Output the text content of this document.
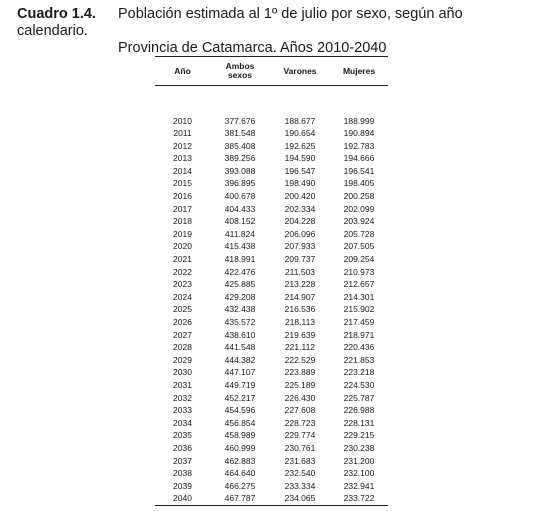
Cuadro 1.4. Población estimada al 1º de julio por sexo, según año calendario.
Provincia de Catamarca. Años 2010-2040
Año	Ambos sexos	Varones	Mujeres

2010	377.676	188.677	188.999
2011	381.548	190.654	190.894
2012	385.408	192.625	192.783
2013	389.256	194.590	194.666
2014	393.088	196.547	196.541
2015	396.895	198.490	198.405
2016	400.678	200.420	200.258
2017	404.433	202.334	202.099
2018	408.152	204.228	203.924
2019	411.824	206.096	205.728
2020	415.438	207.933	207.505
2021	418.991	209.737	209.254
2022	422.476	211.503	210.973
2023	425.885	213.228	212.657
2024	429.208	214.907	214.301
2025	432.438	216.536	215.902
2026	435.572	218.113	217.459
2027	438.610	219.639	218.971
2028	441.548	221.112	220.436
2029	444.382	222.529	221.853
2030	447.107	223.889	223.218
2031	449.719	225.189	224.530
2032	452.217	226.430	225.787
2033	454.596	227.608	226.988
2034	456.854	228.723	228.131
2035	458.989	229.774	229.215
2036	460.999	230.761	230.238
2037	462.883	231.683	231.200
2038	464.640	232.540	232.100
2039	466.275	233.334	232.941
2040	467.787	234.065	233.722
